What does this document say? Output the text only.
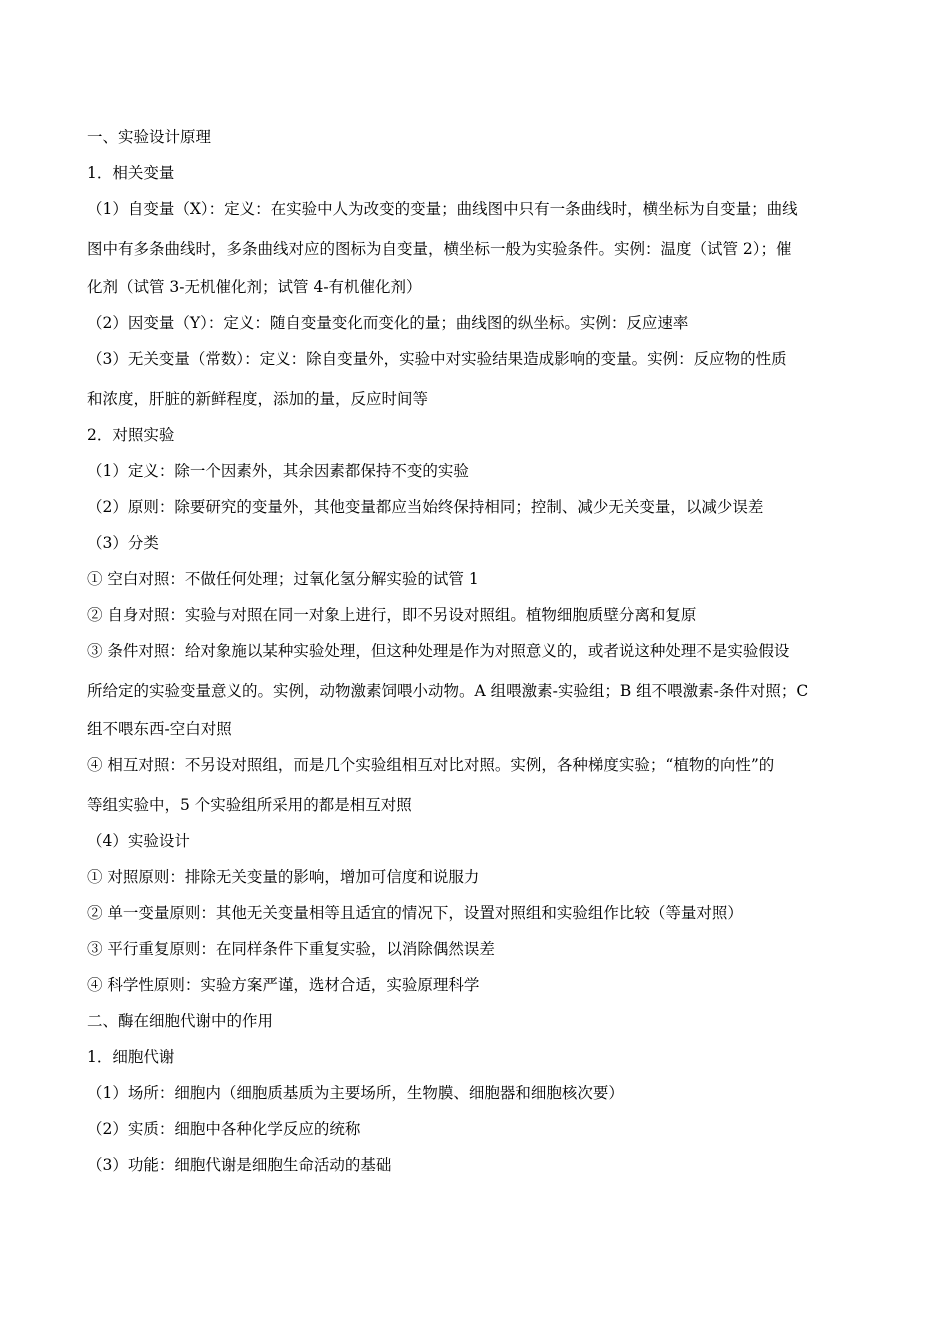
一、实验设计原理
1．相关变量
（1）自变量（X）：定义：在实验中人为改变的变量；曲线图中只有一条曲线时，横坐标为自变量；曲线
图中有多条曲线时，多条曲线对应的图标为自变量，横坐标一般为实验条件。实例：温度（试管 2）；催
化剂（试管 3-无机催化剂；试管 4-有机催化剂）
（2）因变量（Y）：定义：随自变量变化而变化的量；曲线图的纵坐标。实例：反应速率
（3）无关变量（常数）：定义：除自变量外，实验中对实验结果造成影响的变量。实例：反应物的性质
和浓度，肝脏的新鲜程度，添加的量，反应时间等
2．对照实验
（1）定义：除一个因素外，其余因素都保持不变的实验
（2）原则：除要研究的变量外，其他变量都应当始终保持相同；控制、减少无关变量，以减少误差
（3）分类
① 空白对照：不做任何处理；过氧化氢分解实验的试管 1
② 自身对照：实验与对照在同一对象上进行，即不另设对照组。植物细胞质壁分离和复原
③ 条件对照：给对象施以某种实验处理，但这种处理是作为对照意义的，或者说这种处理不是实验假设
所给定的实验变量意义的。实例，动物激素饲喂小动物。A 组喂激素-实验组；B 组不喂激素-条件对照；C
组不喂东西-空白对照
④ 相互对照：不另设对照组，而是几个实验组相互对比对照。实例，各种梯度实验；“植物的向性”的
等组实验中，5 个实验组所采用的都是相互对照
（4）实验设计
① 对照原则：排除无关变量的影响，增加可信度和说服力
② 单一变量原则：其他无关变量相等且适宜的情况下，设置对照组和实验组作比较（等量对照）
③ 平行重复原则：在同样条件下重复实验，以消除偶然误差
④ 科学性原则：实验方案严谨，选材合适，实验原理科学
二、酶在细胞代谢中的作用
1．细胞代谢
（1）场所：细胞内（细胞质基质为主要场所，生物膜、细胞器和细胞核次要）
（2）实质：细胞中各种化学反应的统称
（3）功能：细胞代谢是细胞生命活动的基础
